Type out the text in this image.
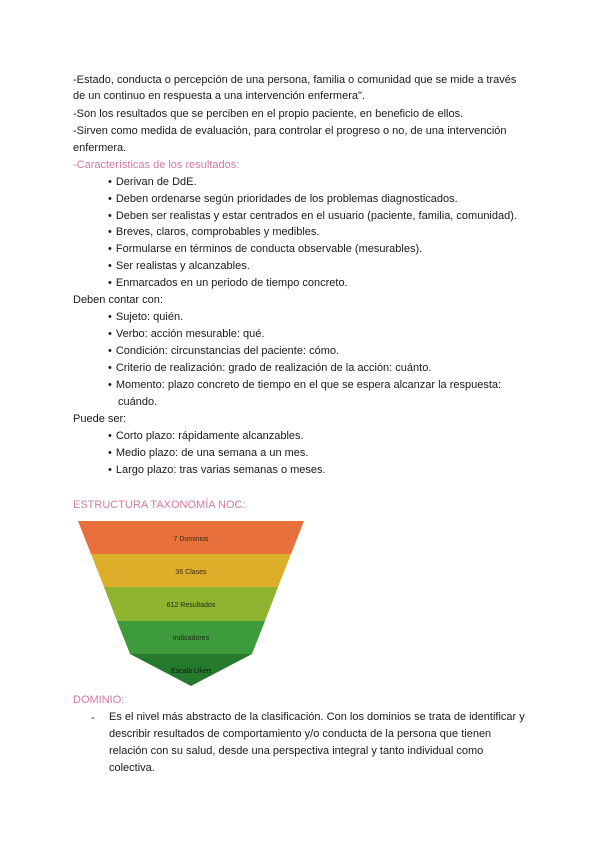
-Estado, conducta o percepción de una persona, familia o comunidad que se mide a través
de un continuo en respuesta a una intervención enfermera".
-Son los resultados que se perciben en el propio paciente, en beneficio de ellos.
-Sirven como medida de evaluación, para controlar el progreso o no, de una intervención
enfermera.
-Características de los resultados:
• Derivan de DdE.
• Deben ordenarse según prioridades de los problemas diagnosticados.
• Deben ser realistas y estar centrados en el usuario (paciente, familia, comunidad).
• Breves, claros, comprobables y medibles.
• Formularse en términos de conducta observable (mesurables).
• Ser realistas y alcanzables.
• Enmarcados en un periodo de tiempo concreto.
Deben contar con:
• Sujeto: quién.
• Verbo: acción mesurable: qué.
• Condición: circunstancias del paciente: cómo.
• Criterio de realización: grado de realización de la acción: cuánto.
• Momento: plazo concreto de tiempo en el que se espera alcanzar la respuesta:
cuándo.
Puede ser:
• Corto plazo: rápidamente alcanzables.
• Medio plazo: de una semana a un mes.
• Largo plazo: tras varias semanas o meses.
ESTRUCTURA TAXONOMÍA NOC:
7 Dominios
36 Clases
612 Resultados
Indicadores
Escala Likert
DOMINIO:
- Es el nivel más abstracto de la clasificación. Con los dominios se trata de identificar y
describir resultados de comportamiento y/o conducta de la persona que tienen
relación con su salud, desde una perspectiva integral y tanto individual como
colectiva.
